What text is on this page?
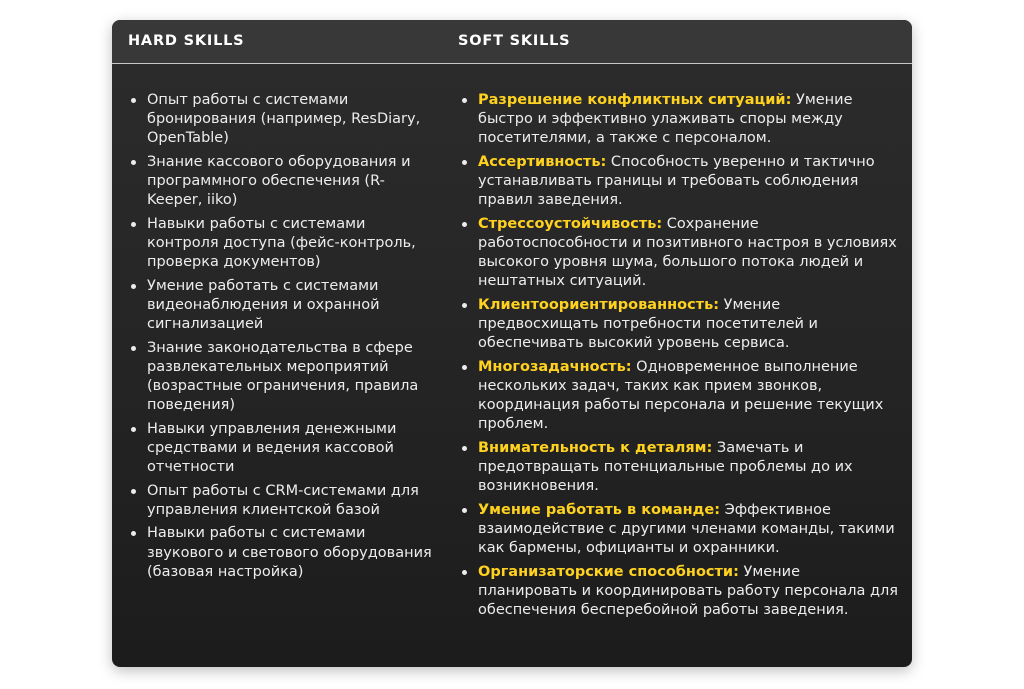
HARD SKILLS	SOFT SKILLS
Опыт работы с системами бронирования (например, ResDiary, OpenTable)
Знание кассового оборудования и программного обеспечения (R-Keeper, iiko)
Навыки работы с системами контроля доступа (фейс-контроль, проверка документов)
Умение работать с системами видеонаблюдения и охранной сигнализацией
Знание законодательства в сфере развлекательных мероприятий (возрастные ограничения, правила поведения)
Навыки управления денежными средствами и ведения кассовой отчетности
Опыт работы с CRM-системами для управления клиентской базой
Навыки работы с системами звукового и светового оборудования (базовая настройка)
Разрешение конфликтных ситуаций: Умение быстро и эффективно улаживать споры между посетителями, а также с персоналом.
Ассертивность: Способность уверенно и тактично устанавливать границы и требовать соблюдения правил заведения.
Стрессоустойчивость: Сохранение работоспособности и позитивного настроя в условиях высокого уровня шума, большого потока людей и нештатных ситуаций.
Клиентоориентированность: Умение предвосхищать потребности посетителей и обеспечивать высокий уровень сервиса.
Многозадачность: Одновременное выполнение нескольких задач, таких как прием звонков, координация работы персонала и решение текущих проблем.
Внимательность к деталям: Замечать и предотвращать потенциальные проблемы до их возникновения.
Умение работать в команде: Эффективное взаимодействие с другими членами команды, такими как бармены, официанты и охранники.
Организаторские способности: Умение планировать и координировать работу персонала для обеспечения бесперебойной работы заведения.
